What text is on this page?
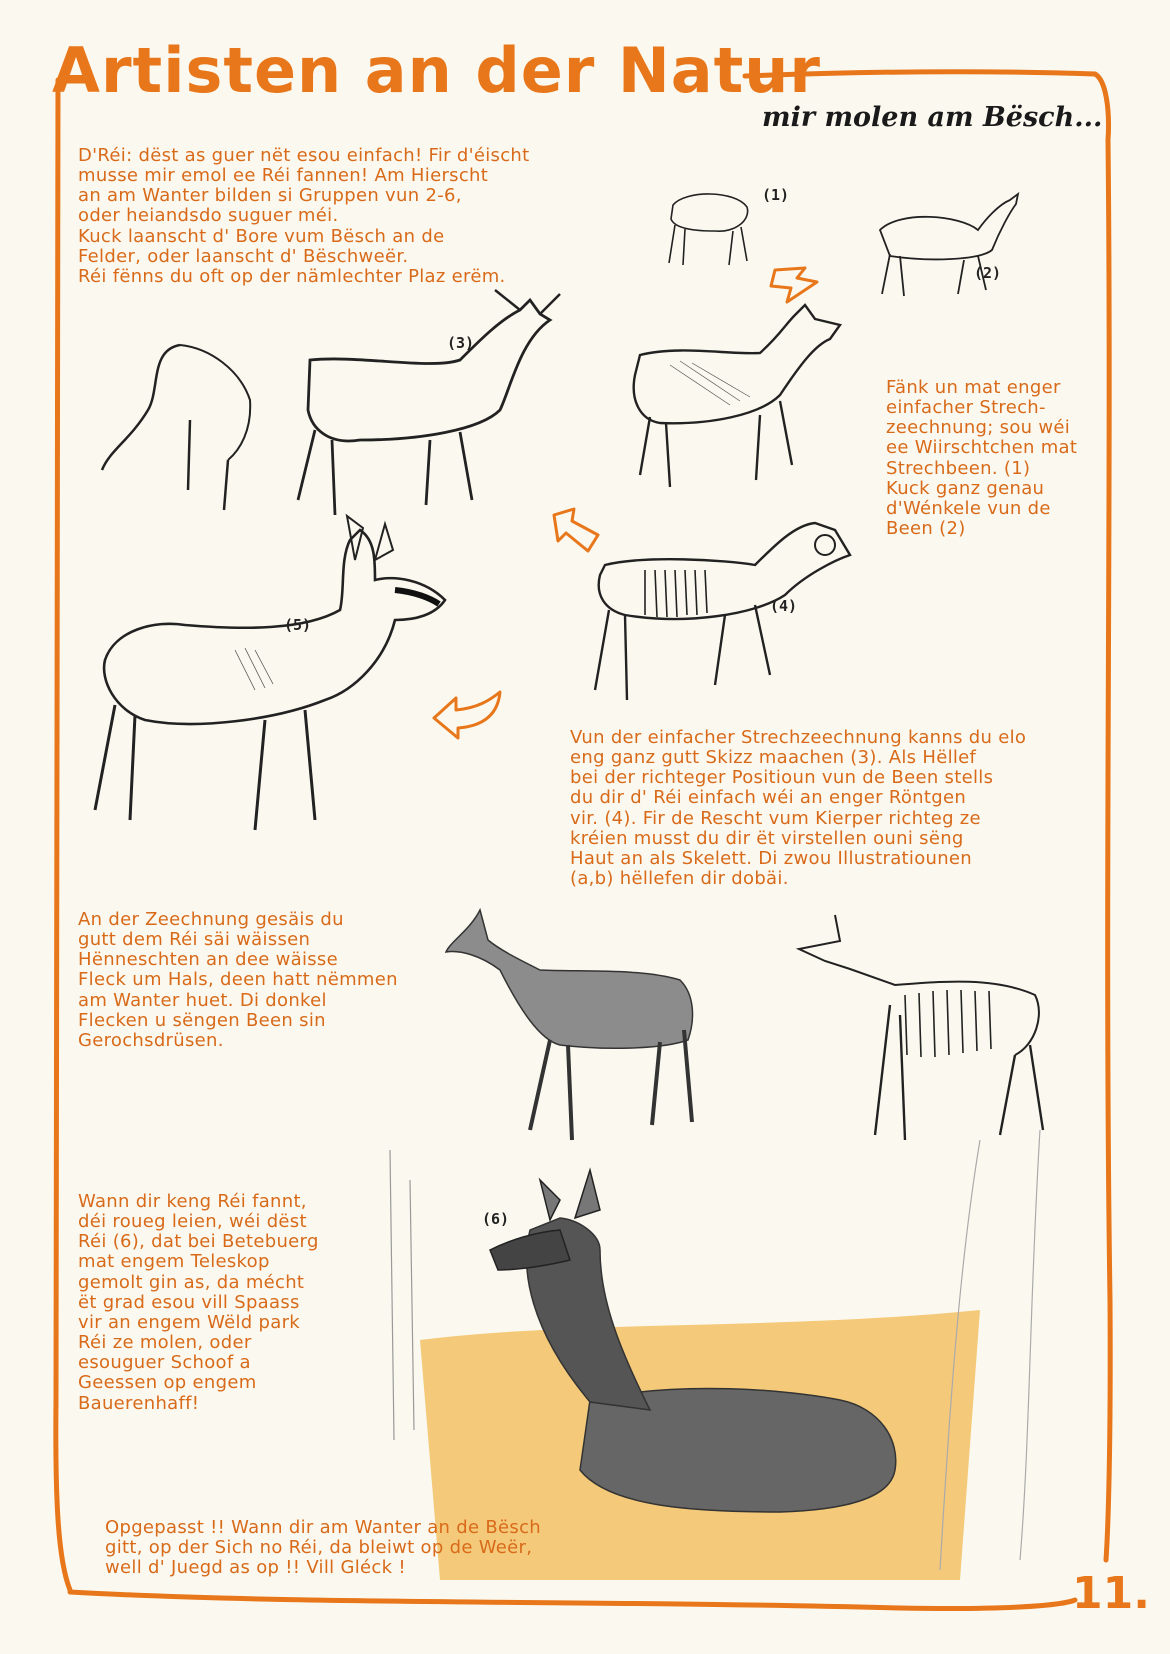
Artisten an der Natur
mir molen am Bësch...
D'Réi: dëst as guer nët esou einfach! Fir d'éischt
musse mir emol ee Réi fannen! Am Hierscht
an am Wanter bilden si Gruppen vun 2-6,
oder heiandsdo suguer méi.
Kuck laanscht d' Bore vum Bësch an de
Felder, oder laanscht d' Bëschweër.
Réi fënns du oft op der nämlechter Plaz erëm.
(1)
(2)
(3)
Fänk un mat enger
einfacher Strech-
zeechnung; sou wéi
ee Wiirschtchen mat
Strechbeen. (1)
Kuck ganz genau
d'Wénkele vun de
Been (2)
(4)
(5)
Vun der einfacher Strechzeechnung kanns du elo
eng ganz gutt Skizz maachen (3). Als Hëllef
bei der richteger Positioun vun de Been stells
du dir d' Réi einfach wéi an enger Röntgen
vir. (4). Fir de Rescht vum Kierper richteg ze
kréien musst du dir ët virstellen ouni sëng
Haut an als Skelett. Di zwou Illustratiounen
(a,b) hëllefen dir dobäi.
An der Zeechnung gesäis du
gutt dem Réi säi wäissen
Hënneschten an dee wäisse
Fleck um Hals, deen hatt nëmmen
am Wanter huet. Di donkel
Flecken u sëngen Been sin
Gerochsdrüsen.
Wann dir keng Réi fannt,
déi roueg leien, wéi dëst
Réi (6), dat bei Betebuerg
mat engem Teleskop
gemolt gin as, da mécht
ët grad esou vill Spaass
vir an engem Wëld park
Réi ze molen, oder
esouguer Schoof a
Geessen op engem
Bauerenhaff!
(6)
Opgepasst !! Wann dir am Wanter an de Bësch
gitt, op der Sich no Réi, da bleiwt op de Weër,
well d' Juegd as op !! Vill Gléck !
11.
